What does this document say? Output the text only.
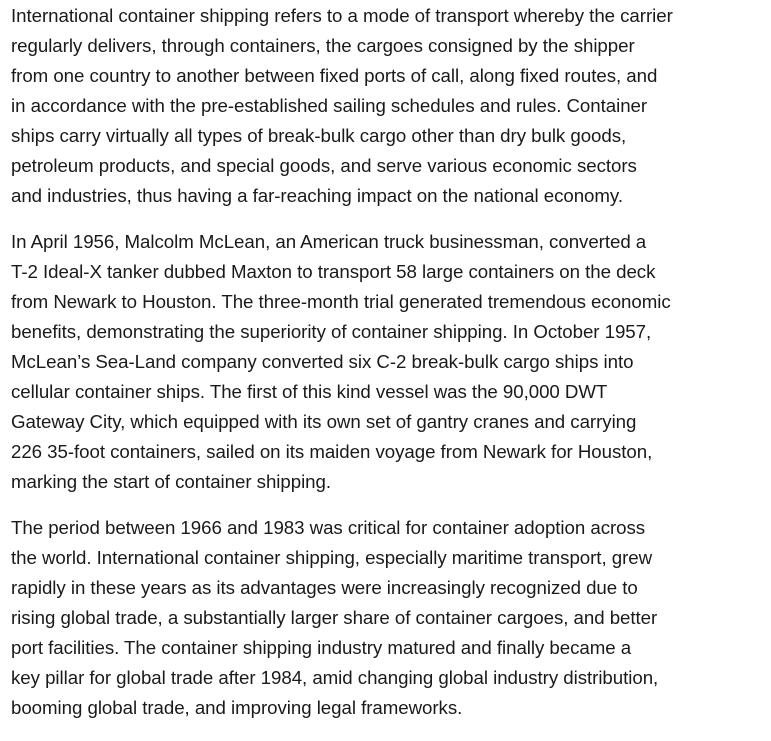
International container shipping refers to a mode of transport whereby the carrier
regularly delivers, through containers, the cargoes consigned by the shipper
from one country to another between fixed ports of call, along fixed routes, and
in accordance with the pre-established sailing schedules and rules. Container
ships carry virtually all types of break-bulk cargo other than dry bulk goods,
petroleum products, and special goods, and serve various economic sectors
and industries, thus having a far-reaching impact on the national economy.

In April 1956, Malcolm McLean, an American truck businessman, converted a
T-2 Ideal-X tanker dubbed Maxton to transport 58 large containers on the deck
from Newark to Houston. The three-month trial generated tremendous economic
benefits, demonstrating the superiority of container shipping. In October 1957,
McLean’s Sea-Land company converted six C-2 break-bulk cargo ships into
cellular container ships. The first of this kind vessel was the 90,000 DWT
Gateway City, which equipped with its own set of gantry cranes and carrying
226 35-foot containers, sailed on its maiden voyage from Newark for Houston,
marking the start of container shipping.

The period between 1966 and 1983 was critical for container adoption across
the world. International container shipping, especially maritime transport, grew
rapidly in these years as its advantages were increasingly recognized due to
rising global trade, a substantially larger share of container cargoes, and better
port facilities. The container shipping industry matured and finally became a
key pillar for global trade after 1984, amid changing global industry distribution,
booming global trade, and improving legal frameworks.
